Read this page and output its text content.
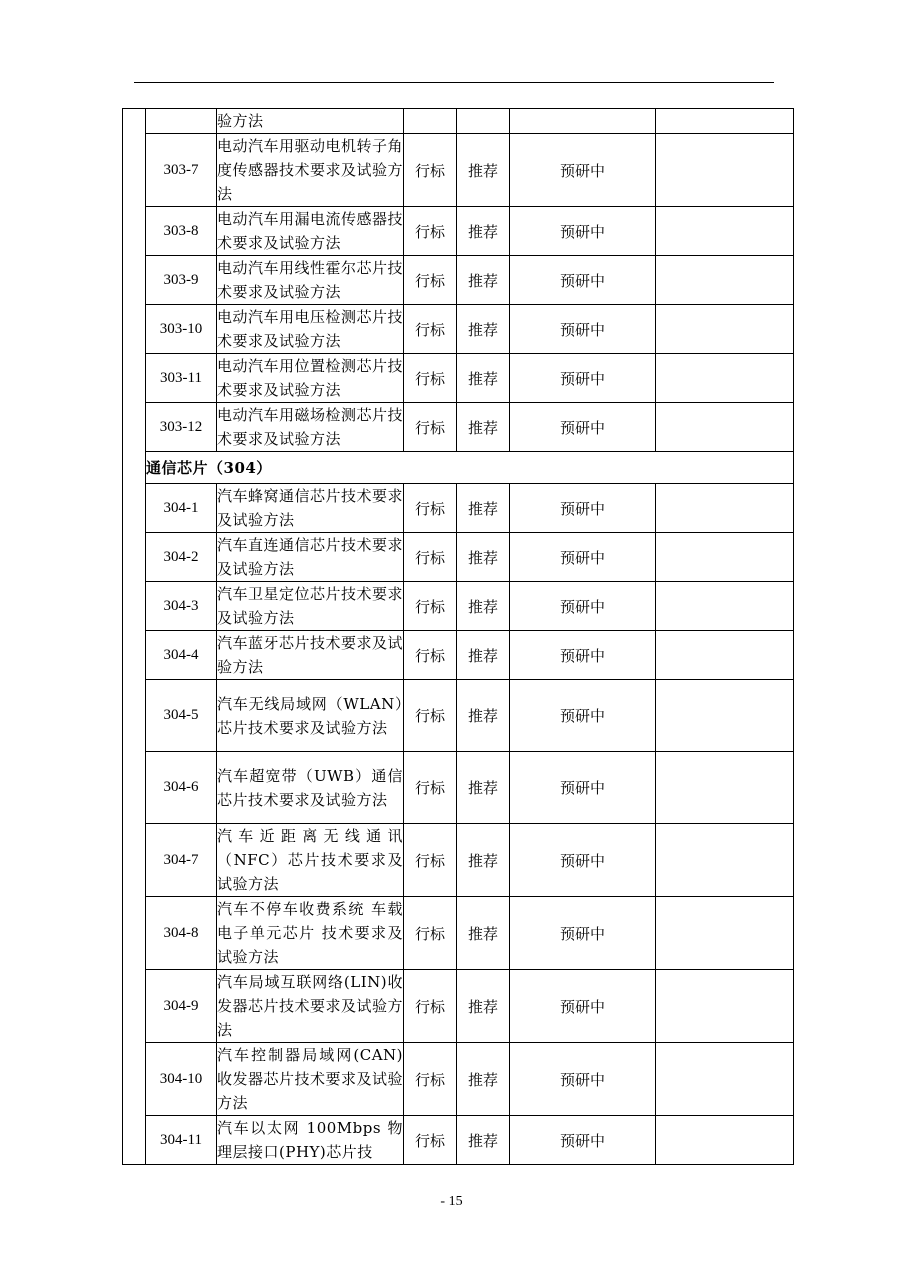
		验方法				
	303-7	电动汽车用驱动电机转子角度传感器技术要求及试验方法	行标	推荐	预研中	
	303-8	电动汽车用漏电流传感器技术要求及试验方法	行标	推荐	预研中	
	303-9	电动汽车用线性霍尔芯片技术要求及试验方法	行标	推荐	预研中	
	303-10	电动汽车用电压检测芯片技术要求及试验方法	行标	推荐	预研中	
	303-11	电动汽车用位置检测芯片技术要求及试验方法	行标	推荐	预研中	
	303-12	电动汽车用磁场检测芯片技术要求及试验方法	行标	推荐	预研中	
	通信芯片（304）					
	304-1	汽车蜂窝通信芯片技术要求及试验方法	行标	推荐	预研中	
	304-2	汽车直连通信芯片技术要求及试验方法	行标	推荐	预研中	
	304-3	汽车卫星定位芯片技术要求及试验方法	行标	推荐	预研中	
	304-4	汽车蓝牙芯片技术要求及试验方法	行标	推荐	预研中	
	304-5	汽车无线局域网（WLAN）芯片技术要求及试验方法	行标	推荐	预研中	
	304-6	汽车超宽带（UWB）通信芯片技术要求及试验方法	行标	推荐	预研中	
	304-7	汽车近距离无线通讯（NFC）芯片技术要求及试验方法	行标	推荐	预研中	
	304-8	汽车不停车收费系统 车载电子单元芯片 技术要求及试验方法	行标	推荐	预研中	
	304-9	汽车局域互联网络(LIN)收发器芯片技术要求及试验方法	行标	推荐	预研中	
	304-10	汽车控制器局域网(CAN)收发器芯片技术要求及试验方法	行标	推荐	预研中	
	304-11	汽车以太网 100Mbps 物理层接口(PHY)芯片技	行标	推荐	预研中	
- 15
